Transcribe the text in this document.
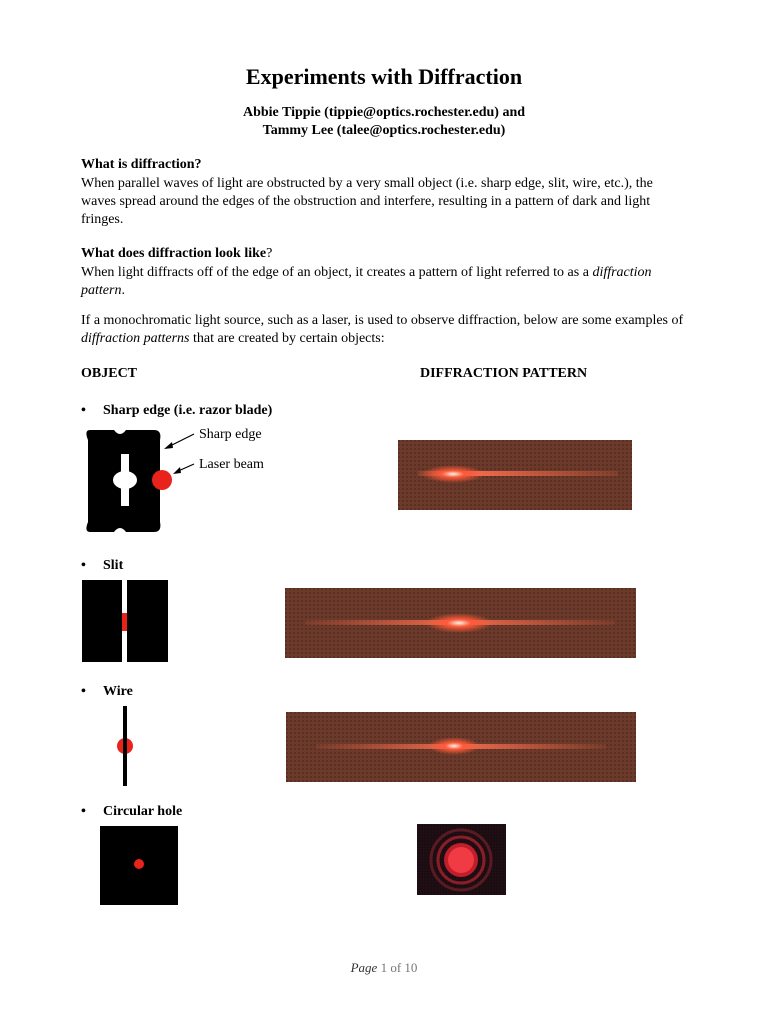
Experiments with Diffraction
Abbie Tippie (tippie@optics.rochester.edu) and
Tammy Lee (talee@optics.rochester.edu)
What is diffraction?
When parallel waves of light are obstructed by a very small object (i.e. sharp edge, slit, wire, etc.), the waves spread around the edges of the obstruction and interfere, resulting in a pattern of dark and light fringes.
What does diffraction look like?
When light diffracts off of the edge of an object, it creates a pattern of light referred to as a diffraction pattern.
If a monochromatic light source, such as a laser, is used to observe diffraction, below are some examples of diffraction patterns that are created by certain objects:
OBJECT	DIFFRACTION PATTERN
• Sharp edge (i.e. razor blade)
Sharp edge
Laser beam
• Slit
• Wire
• Circular hole
Page 1 of 10
